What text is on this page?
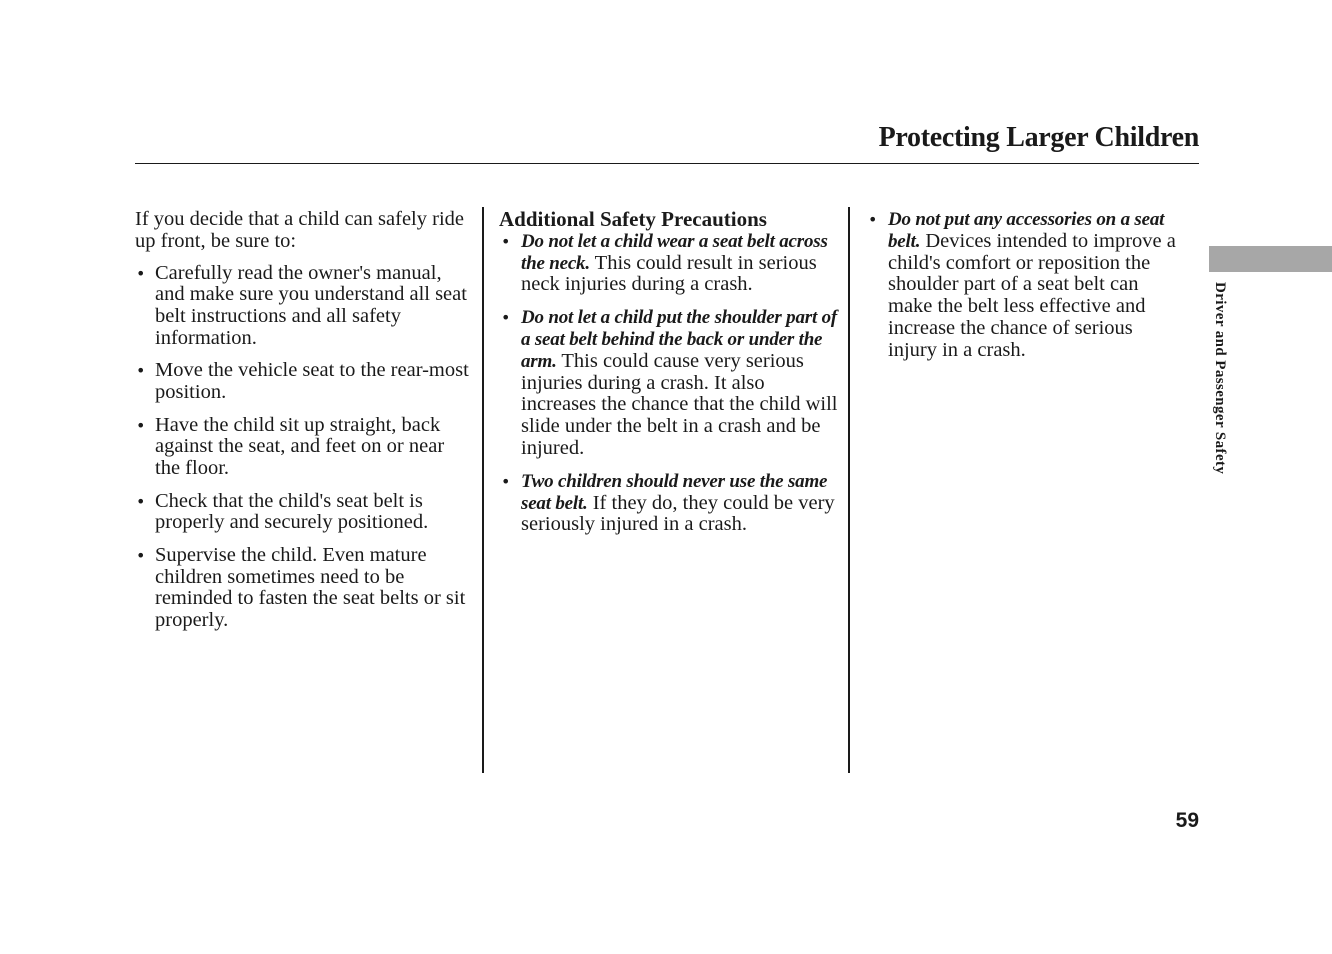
Protecting Larger Children

If you decide that a child can safely ride up front, be sure to:

• Carefully read the owner's manual, and make sure you understand all seat belt instructions and all safety information.
• Move the vehicle seat to the rear-most position.
• Have the child sit up straight, back against the seat, and feet on or near the floor.
• Check that the child's seat belt is properly and securely positioned.
• Supervise the child. Even mature children sometimes need to be reminded to fasten the seat belts or sit properly.

Additional Safety Precautions

• Do not let a child wear a seat belt across the neck. This could result in serious neck injuries during a crash.
• Do not let a child put the shoulder part of a seat belt behind the back or under the arm. This could cause very serious injuries during a crash. It also increases the chance that the child will slide under the belt in a crash and be injured.
• Two children should never use the same seat belt. If they do, they could be very seriously injured in a crash.
• Do not put any accessories on a seat belt. Devices intended to improve a child's comfort or reposition the shoulder part of a seat belt can make the belt less effective and increase the chance of serious injury in a crash.	Driver and Passenger Safety
59
